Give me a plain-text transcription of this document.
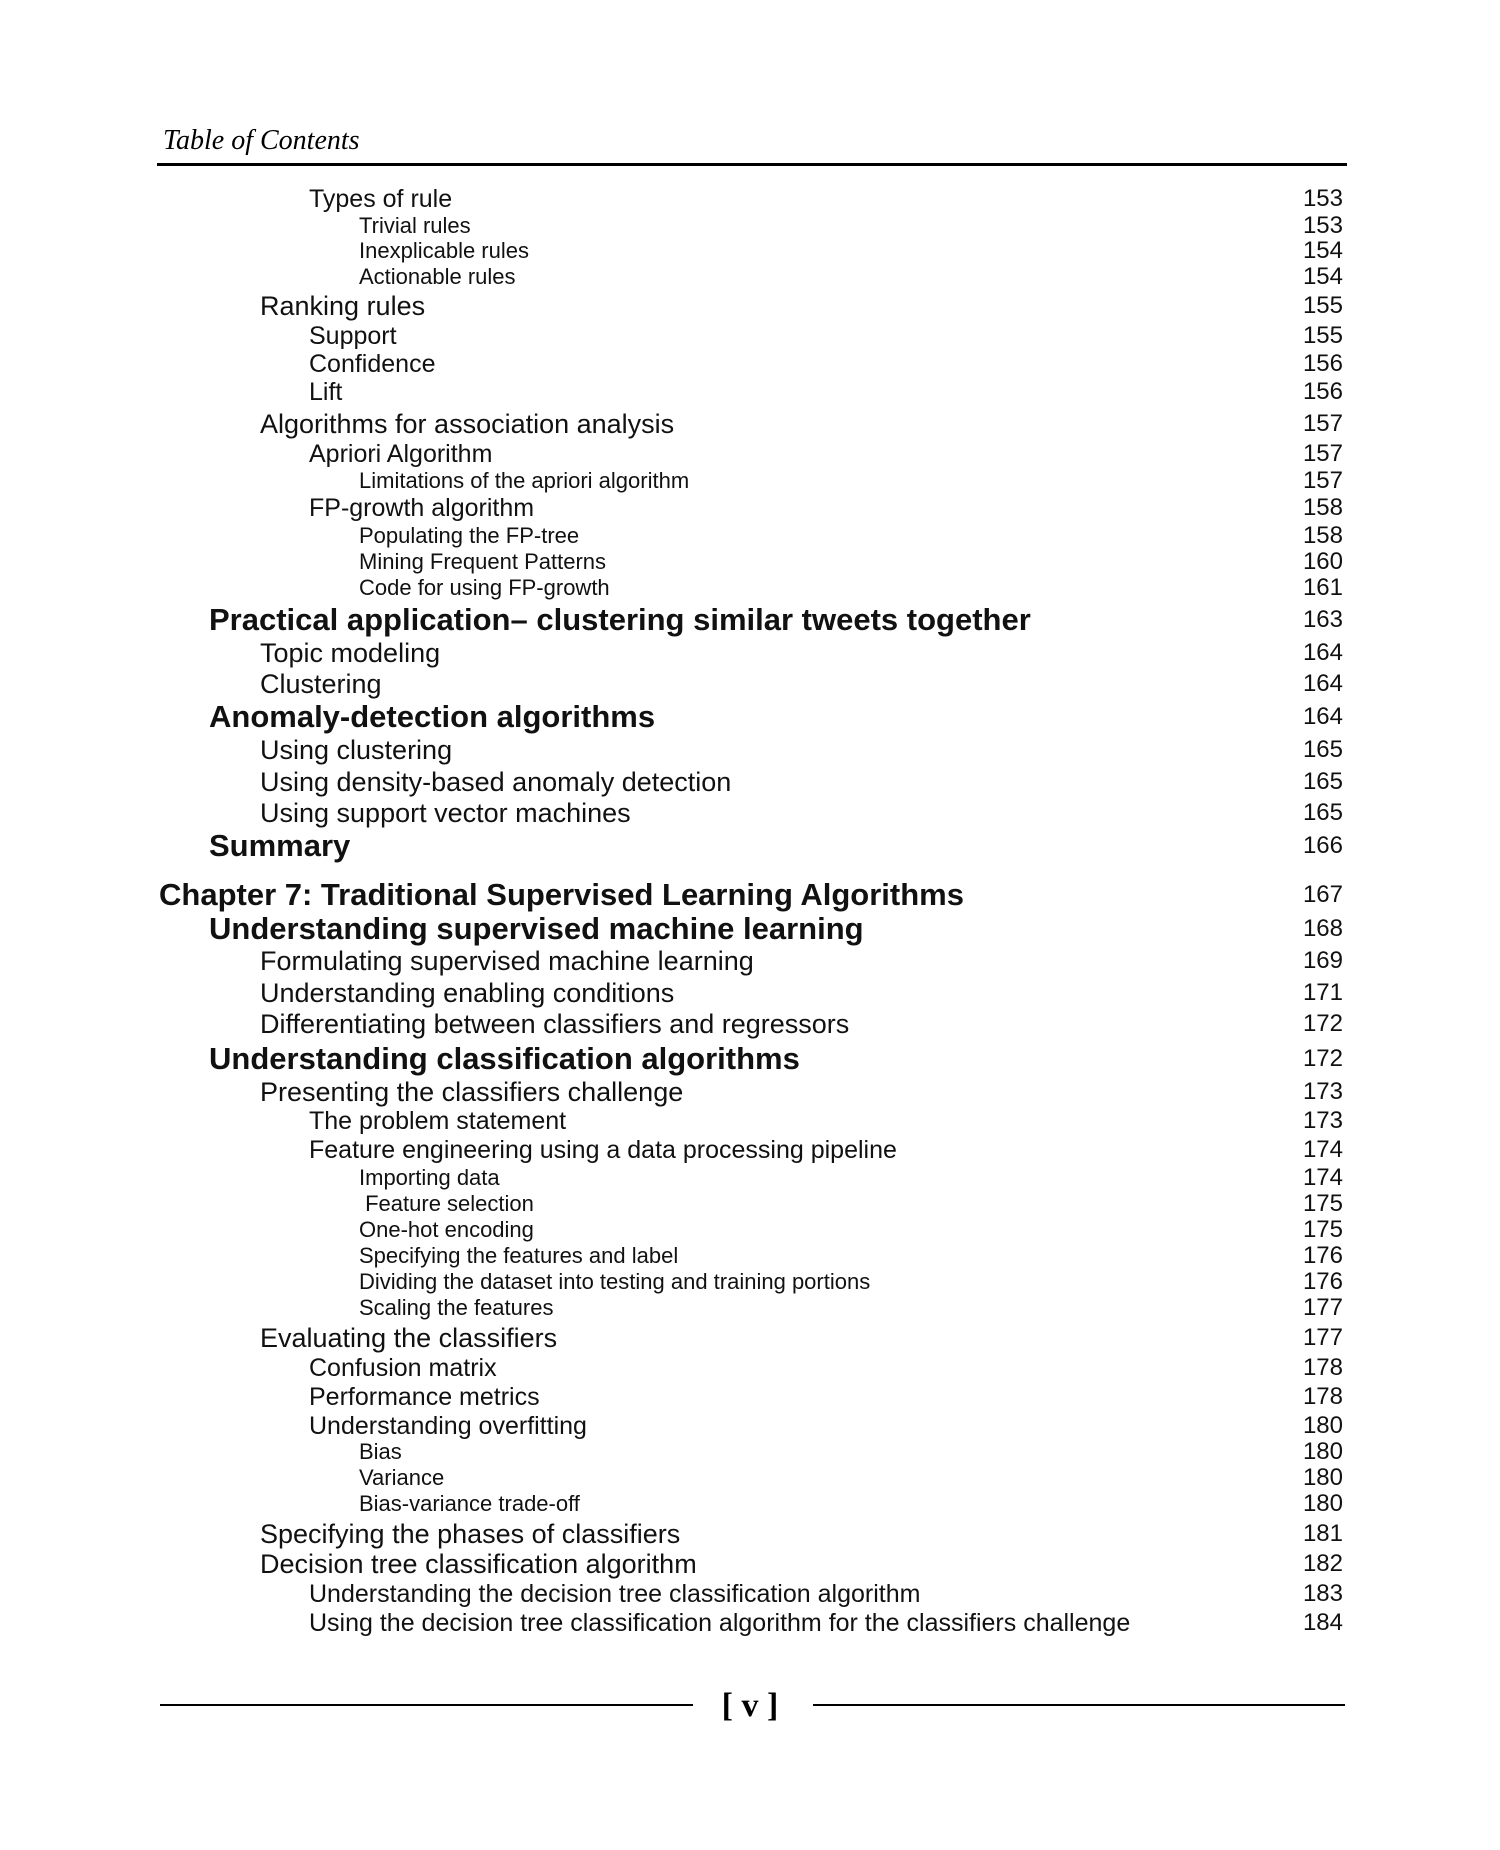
Table of Contents
Types of rule	153
Trivial rules	153
Inexplicable rules	154
Actionable rules	154
Ranking rules	155
Support	155
Confidence	156
Lift	156
Algorithms for association analysis	157
Apriori Algorithm	157
Limitations of the apriori algorithm	157
FP-growth algorithm	158
Populating the FP-tree	158
Mining Frequent Patterns	160
Code for using FP-growth	161
Practical application– clustering similar tweets together	163
Topic modeling	164
Clustering	164
Anomaly-detection algorithms	164
Using clustering	165
Using density-based anomaly detection	165
Using support vector machines	165
Summary	166
Chapter 7: Traditional Supervised Learning Algorithms	167
Understanding supervised machine learning	168
Formulating supervised machine learning	169
Understanding enabling conditions	171
Differentiating between classifiers and regressors	172
Understanding classification algorithms	172
Presenting the classifiers challenge	173
The problem statement	173
Feature engineering using a data processing pipeline	174
Importing data	174
Feature selection	175
One-hot encoding	175
Specifying the features and label	176
Dividing the dataset into testing and training portions	176
Scaling the features	177
Evaluating the classifiers	177
Confusion matrix	178
Performance metrics	178
Understanding overfitting	180
Bias	180
Variance	180
Bias-variance trade-off	180
Specifying the phases of classifiers	181
Decision tree classification algorithm	182
Understanding the decision tree classification algorithm	183
Using the decision tree classification algorithm for the classifiers challenge	184
[ v ]
